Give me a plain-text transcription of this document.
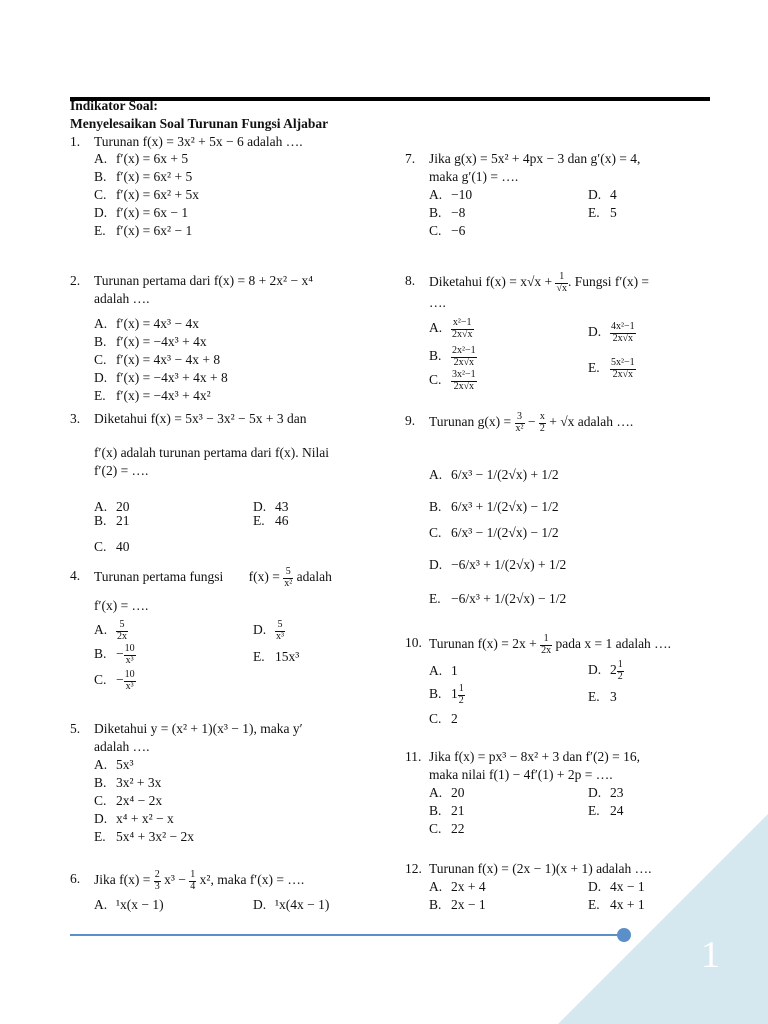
1
Indikator Soal:
Menyelesaikan Soal Turunan Fungsi Aljabar
1. Turunan f(x) = 3x² + 5x − 6 adalah ….
A. f′(x) = 6x + 5
B. f′(x) = 6x² + 5
C. f′(x) = 6x² + 5x
D. f′(x) = 6x − 1
E. f′(x) = 6x² − 1
2. Turunan pertama dari f(x) = 8 + 2x² − x⁴
adalah ….
A. f′(x) = 4x³ − 4x
B. f′(x) = −4x³ + 4x
C. f′(x) = 4x³ − 4x + 8
D. f′(x) = −4x³ + 4x + 8
E. f′(x) = −4x³ + 4x²
3. Diketahui f(x) = 5x³ − 3x² − 5x + 3 dan
f′(x) adalah turunan pertama dari f(x). Nilai
f′(2) = ….
A. 20
B. 21
C. 40
D. 43
E. 46
4. Turunan pertama fungsi $f(x) = \frac{5}{\text{x²}}$ adalah
f′(x) = ….
A. $\frac{5}{2x}$
B. − $\frac{10}{\text{x³}}$
C. − $\frac{10}{\text{x³}}$
D. $\frac{5}{\text{x³}}$
E. 15x³
5. Diketahui y = (x² + 1)(x³ − 1), maka y′
adalah ….
A. 5x³
B. 3x² + 3x
C. 2x⁴ − 2x
D. x⁴ + x² − x
E. 5x⁴ + 3x² − 2x
6. Jika $f(x) = \frac{2}{3} x^3 - \frac{1}{4} x^2$, maka f′(x) = ….
A. ¹x(x − 1)	D. ¹x(4x − 1)
7. Jika g(x) = 5x² + 4px − 3 dan g′(x) = 4,
maka g′(1) = ….
A. −10
B. −8
C. −6
D. 4
E. 5
8. Diketahui $f(x) = x√x + \frac{1}{√x}$ . Fungsi f′(x) =
….
A. $\frac{\text{x²−1}}{2x√x}$
B. $\frac{\text{2x²−1}}{2x√x}$
C. $\frac{\text{3x²−1}}{2x√x}$
D. $\frac{\text{4x²−1}}{2x√x}$
E. $\frac{\text{5x²−1}}{2x√x}$
9. Turunan $g(x) = \frac{3}{\text{x²}} - \frac{x}{2} + √x$ adalah ….
A. 6/x³ − 1/(2√x) + 1/2
B. 6/x³ + 1/(2√x) − 1/2
C. 6/x³ − 1/(2√x) − 1/2
D. −6/x³ + 1/(2√x) + 1/2
E. −6/x³ + 1/(2√x) − 1/2
10. Turunan $f(x) = 2x + \frac{1}{2x}$ pada x = 1 adalah ….
A. 1
B. $1 \frac{1}{2}$
C. 2
D. $2 \frac{1}{2}$
E. 3
11. Jika f(x) = px³ − 8x² + 3 dan f′(2) = 16,
maka nilai f(1) − 4f′(1) + 2p = ….
A. 20
B. 21
C. 22
D. 23
E. 24
12. Turunan f(x) = (2x − 1)(x + 1) adalah ….
A. 2x + 4
B. 2x − 1
D. 4x − 1
E. 4x + 1
